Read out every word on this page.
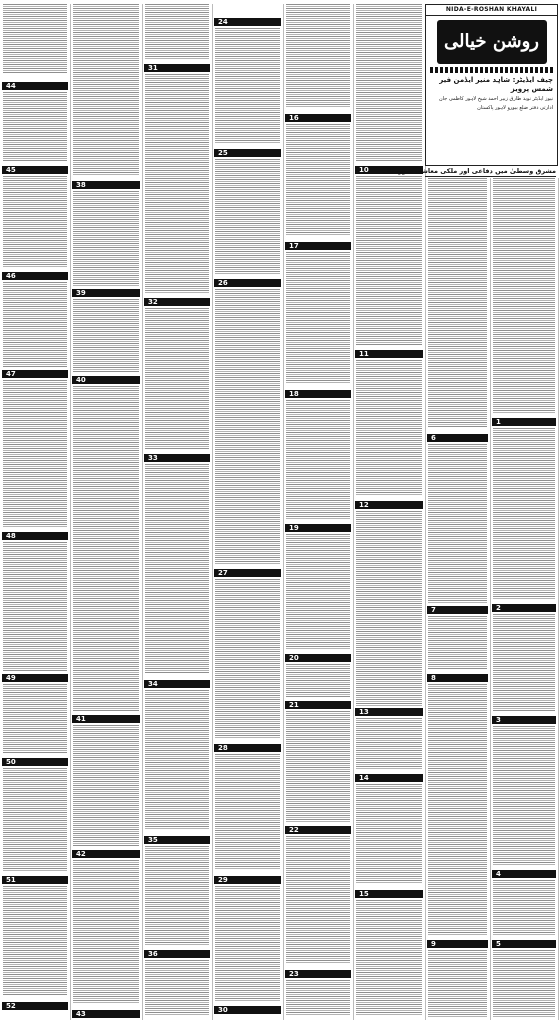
44
45
46
47
48
49
50
51
52
38
39
40
41
42
43
31
32
33
34
35
36
24
25
26
27
28
29
30
16
17
18
19
20
21
22
23
10
11
12
13
14
15
NIDA-E-ROSHAN KHAYALI
روشن خیالی
چیف ایڈیٹر: شاہد منیر ایڈمن فیر شمس پرویز
نیوز ایڈیٹر نوید طارق زبیر احمد شیخ لاہور کاظمی جان
ادارتی دفتر ضلع بیورو لاہور پاکستان
مشرق وسطیٰ میں دفاعی اور ملکی معاشی صورتحال
6
7
8
9
1
2
3
4
5
